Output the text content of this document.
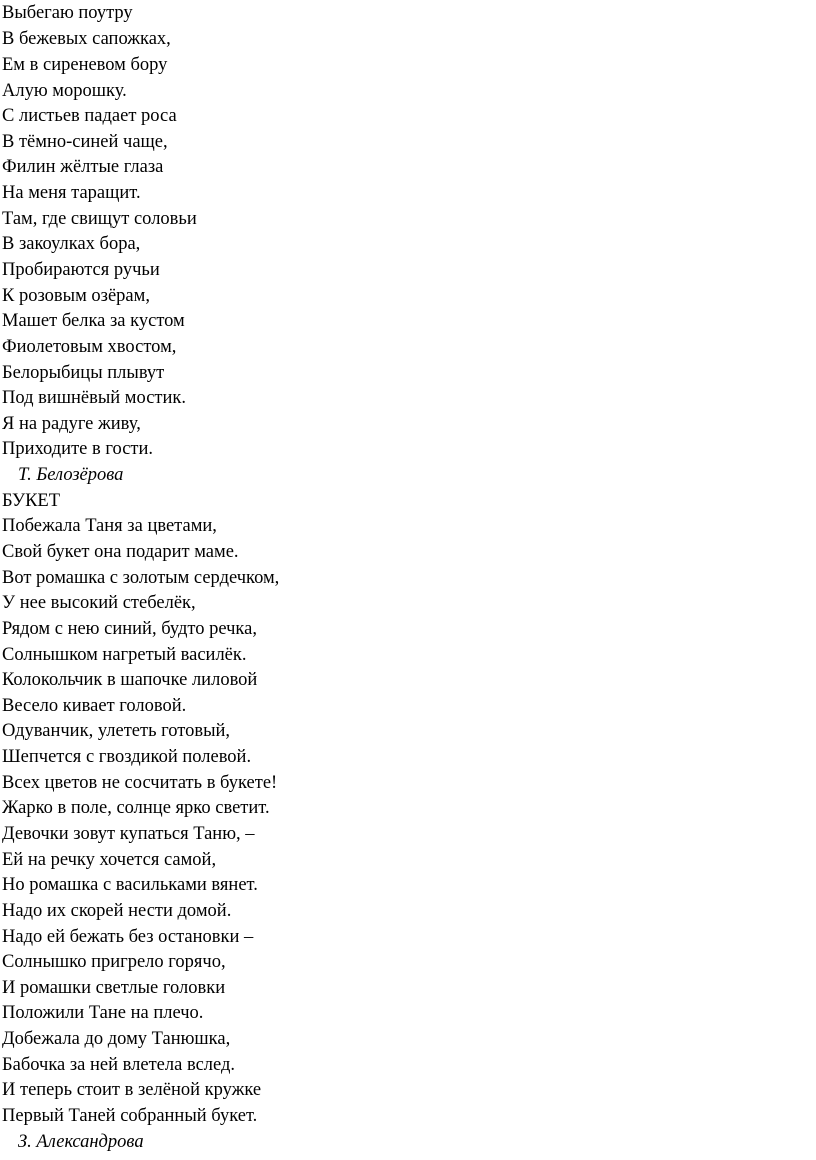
Выбегаю поутру
В бежевых сапожках,
Ем в сиреневом бору
Алую морошку.
С листьев падает роса
В тёмно-синей чаще,
Филин жёлтые глаза
На меня таращит.
Там, где свищут соловьи
В закоулках бора,
Пробираются ручьи
К розовым озёрам,
Машет белка за кустом
Фиолетовым хвостом,
Белорыбицы плывут
Под вишнёвый мостик.
Я на радуге живу,
Приходите в гости.
Т. Белозёрова
БУКЕТ
Побежала Таня за цветами,
Свой букет она подарит маме.
Вот ромашка с золотым сердечком,
У нее высокий стебелёк,
Рядом с нею синий, будто речка,
Солнышком нагретый василёк.
Колокольчик в шапочке лиловой
Весело кивает головой.
Одуванчик, улететь готовый,
Шепчется с гвоздикой полевой.
Всех цветов не сосчитать в букете!
Жарко в поле, солнце ярко светит.
Девочки зовут купаться Таню, –
Ей на речку хочется самой,
Но ромашка с васильками вянет.
Надо их скорей нести домой.
Надо ей бежать без остановки –
Солнышко пригрело горячо,
И ромашки светлые головки
Положили Тане на плечо.
Добежала до дому Танюшка,
Бабочка за ней влетела вслед.
И теперь стоит в зелёной кружке
Первый Таней собранный букет.
З. Александрова
